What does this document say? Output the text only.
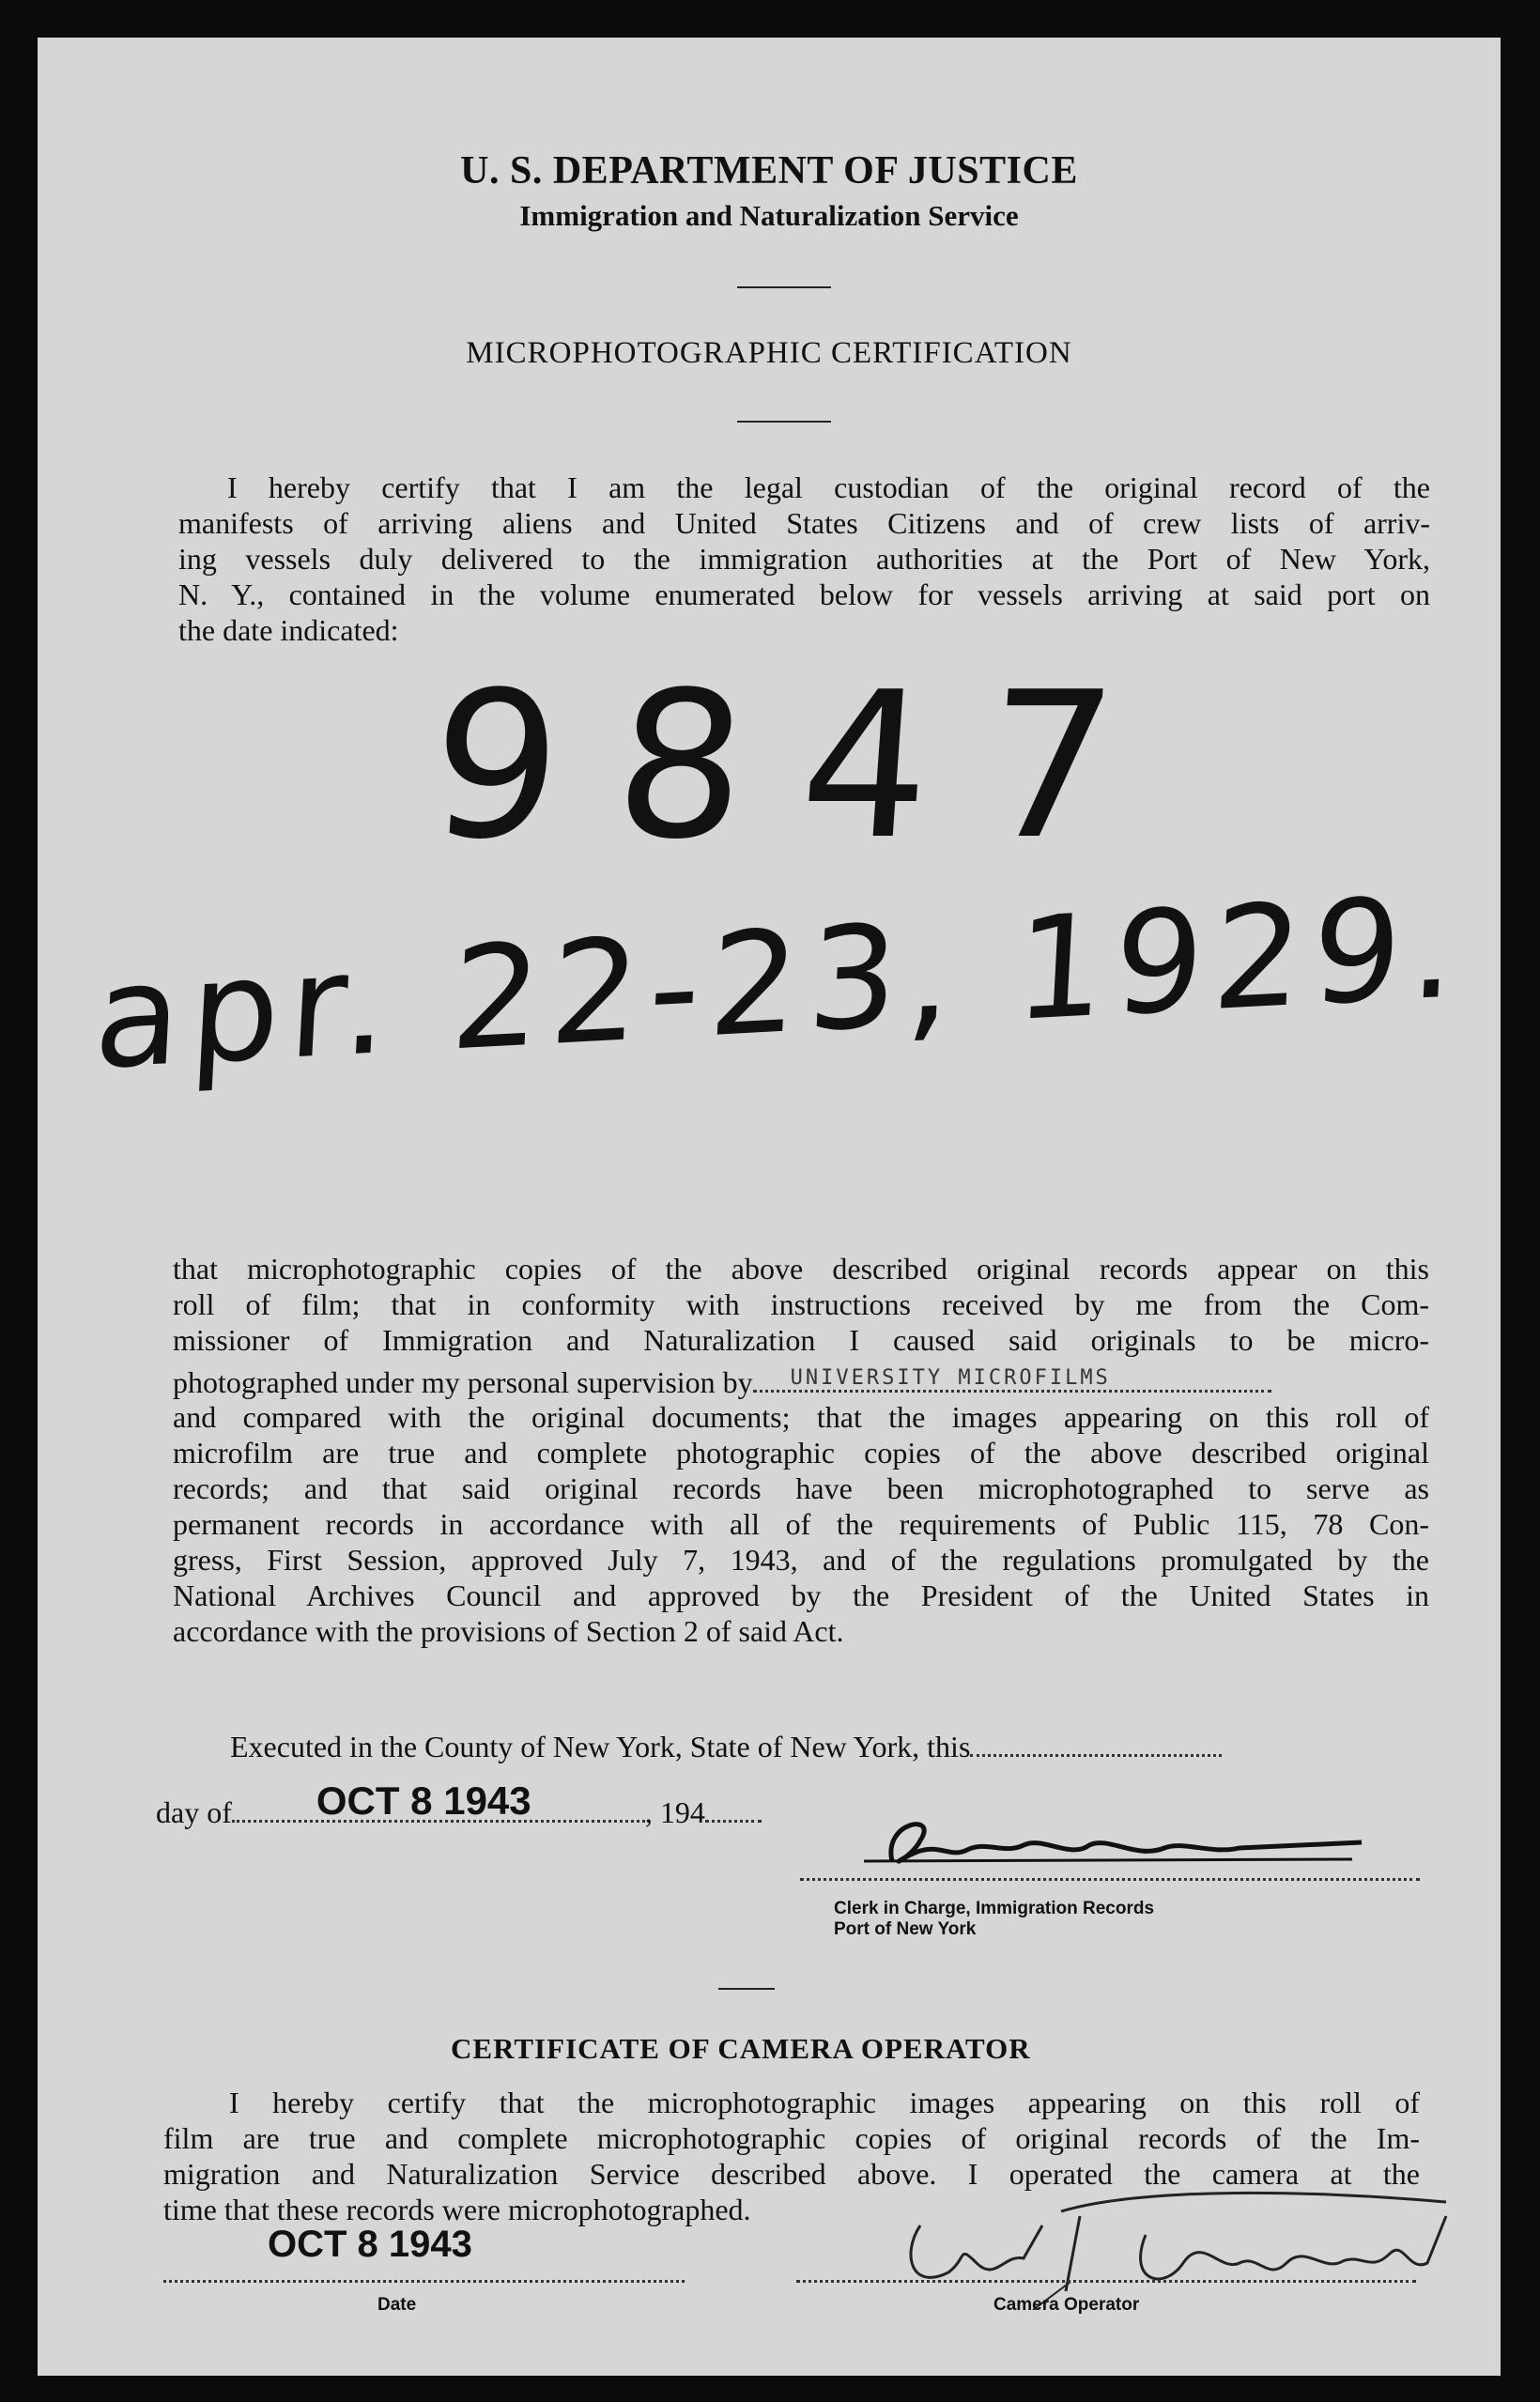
U. S. DEPARTMENT OF JUSTICE
Immigration and Naturalization Service
MICROPHOTOGRAPHIC CERTIFICATION
I hereby certify that I am the legal custodian of the original record of the
manifests of arriving aliens and United States Citizens and of crew lists of arriv-
ing vessels duly delivered to the immigration authorities at the Port of New York,
N. Y., contained in the volume enumerated below for vessels arriving at said port on
the date indicated:
9847
apr. 22-23, 1929.
that microphotographic copies of the above described original records appear on this
roll of film; that in conformity with instructions received by me from the Com-
missioner of Immigration and Naturalization I caused said originals to be micro-
photographed under my personal supervision by UNIVERSITY MICROFILMS
and compared with the original documents; that the images appearing on this roll of
microfilm are true and complete photographic copies of the above described original
records; and that said original records have been microphotographed to serve as
permanent records in accordance with all of the requirements of Public 115, 78 Con-
gress, First Session, approved July 7, 1943, and of the regulations promulgated by the
National Archives Council and approved by the President of the United States in
accordance with the provisions of Section 2 of said Act.
Executed in the County of New York, State of New York, this
day of OCT 8 1943	, 194
Clerk in Charge, Immigration Records
Port of New York
CERTIFICATE OF CAMERA OPERATOR
I hereby certify that the microphotographic images appearing on this roll of
film are true and complete microphotographic copies of original records of the Im-
migration and Naturalization Service described above. I operated the camera at the
time that these records were microphotographed.
OCT 8 1943
Date	Camera Operator
